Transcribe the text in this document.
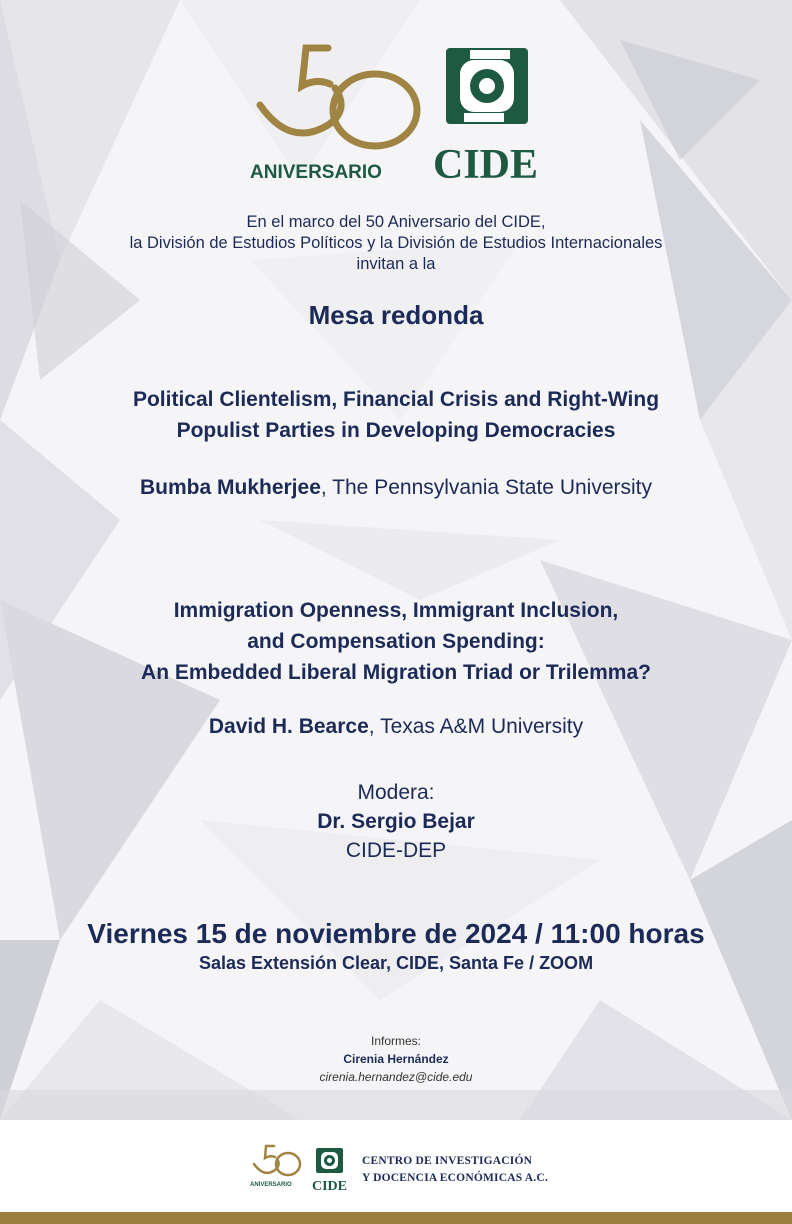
ANIVERSARIO CIDE
En el marco del 50 Aniversario del CIDE,
la División de Estudios Políticos y la División de Estudios Internacionales
invitan a la
Mesa redonda
Political Clientelism, Financial Crisis and Right-Wing
Populist Parties in Developing Democracies
Bumba Mukherjee, The Pennsylvania State University
Immigration Openness, Immigrant Inclusion,
and Compensation Spending:
An Embedded Liberal Migration Triad or Trilemma?
David H. Bearce, Texas A&M University
Modera:
Dr. Sergio Bejar
CIDE-DEP
Viernes 15 de noviembre de 2024 / 11:00 horas
Salas Extensión Clear, CIDE, Santa Fe / ZOOM
Informes:
Cirenia Hernández
cirenia.hernandez@cide.edu
ANIVERSARIO CIDE
CENTRO DE INVESTIGACIÓN
Y DOCENCIA ECONÓMICAS A.C.
